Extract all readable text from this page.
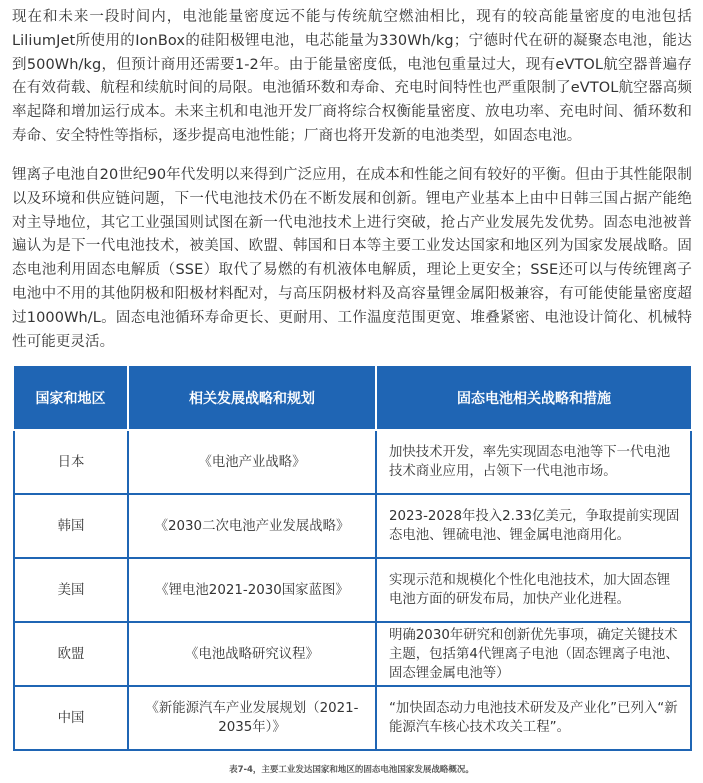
现在和未来一段时间内，电池能量密度远不能与传统航空燃油相比，现有的较高能量密度的电池包括LiliumJet所使用的IonBox的硅阳极锂电池，电芯能量为330Wh/kg；宁德时代在研的凝聚态电池，能达到500Wh/kg，但预计商用还需要1-2年。由于能量密度低，电池包重量过大，现有eVTOL航空器普遍存在有效荷载、航程和续航时间的局限。电池循环数和寿命、充电时间特性也严重限制了eVTOL航空器高频率起降和增加运行成本。未来主机和电池开发厂商将综合权衡能量密度、放电功率、充电时间、循环数和寿命、安全特性等指标，逐步提高电池性能；厂商也将开发新的电池类型，如固态电池。

锂离子电池自20世纪90年代发明以来得到广泛应用，在成本和性能之间有较好的平衡。但由于其性能限制以及环境和供应链问题，下一代电池技术仍在不断发展和创新。锂电产业基本上由中日韩三国占据产能绝对主导地位，其它工业强国则试图在新一代电池技术上进行突破，抢占产业发展先发优势。固态电池被普遍认为是下一代电池技术，被美国、欧盟、韩国和日本等主要工业发达国家和地区列为国家发展战略。固态电池利用固态电解质（SSE）取代了易燃的有机液体电解质，理论上更安全；SSE还可以与传统锂离子电池中不用的其他阴极和阳极材料配对，与高压阴极材料及高容量锂金属阳极兼容，有可能使能量密度超过1000Wh/L。固态电池循环寿命更长、更耐用、工作温度范围更宽、堆叠紧密、电池设计简化、机械特性可能更灵活。

国家和地区	相关发展战略和规划	固态电池相关战略和措施
日本	《电池产业战略》	加快技术开发，率先实现固态电池等下一代电池技术商业应用，占领下一代电池市场。
韩国	《2030二次电池产业发展战略》	2023-2028年投入2.33亿美元，争取提前实现固态电池、锂硫电池、锂金属电池商用化。
美国	《锂电池2021-2030国家蓝图》	实现示范和规模化个性化电池技术，加大固态锂电池方面的研发布局，加快产业化进程。
欧盟	《电池战略研究议程》	明确2030年研究和创新优先事项，确定关键技术主题，包括第4代锂离子电池（固态锂离子电池、固态锂金属电池等）
中国	《新能源汽车产业发展规划（2021-2035年）》	“加快固态动力电池技术研发及产业化”已列入“新能源汽车核心技术攻关工程”。
表7-4，主要工业发达国家和地区的固态电池国家发展战略概况。
